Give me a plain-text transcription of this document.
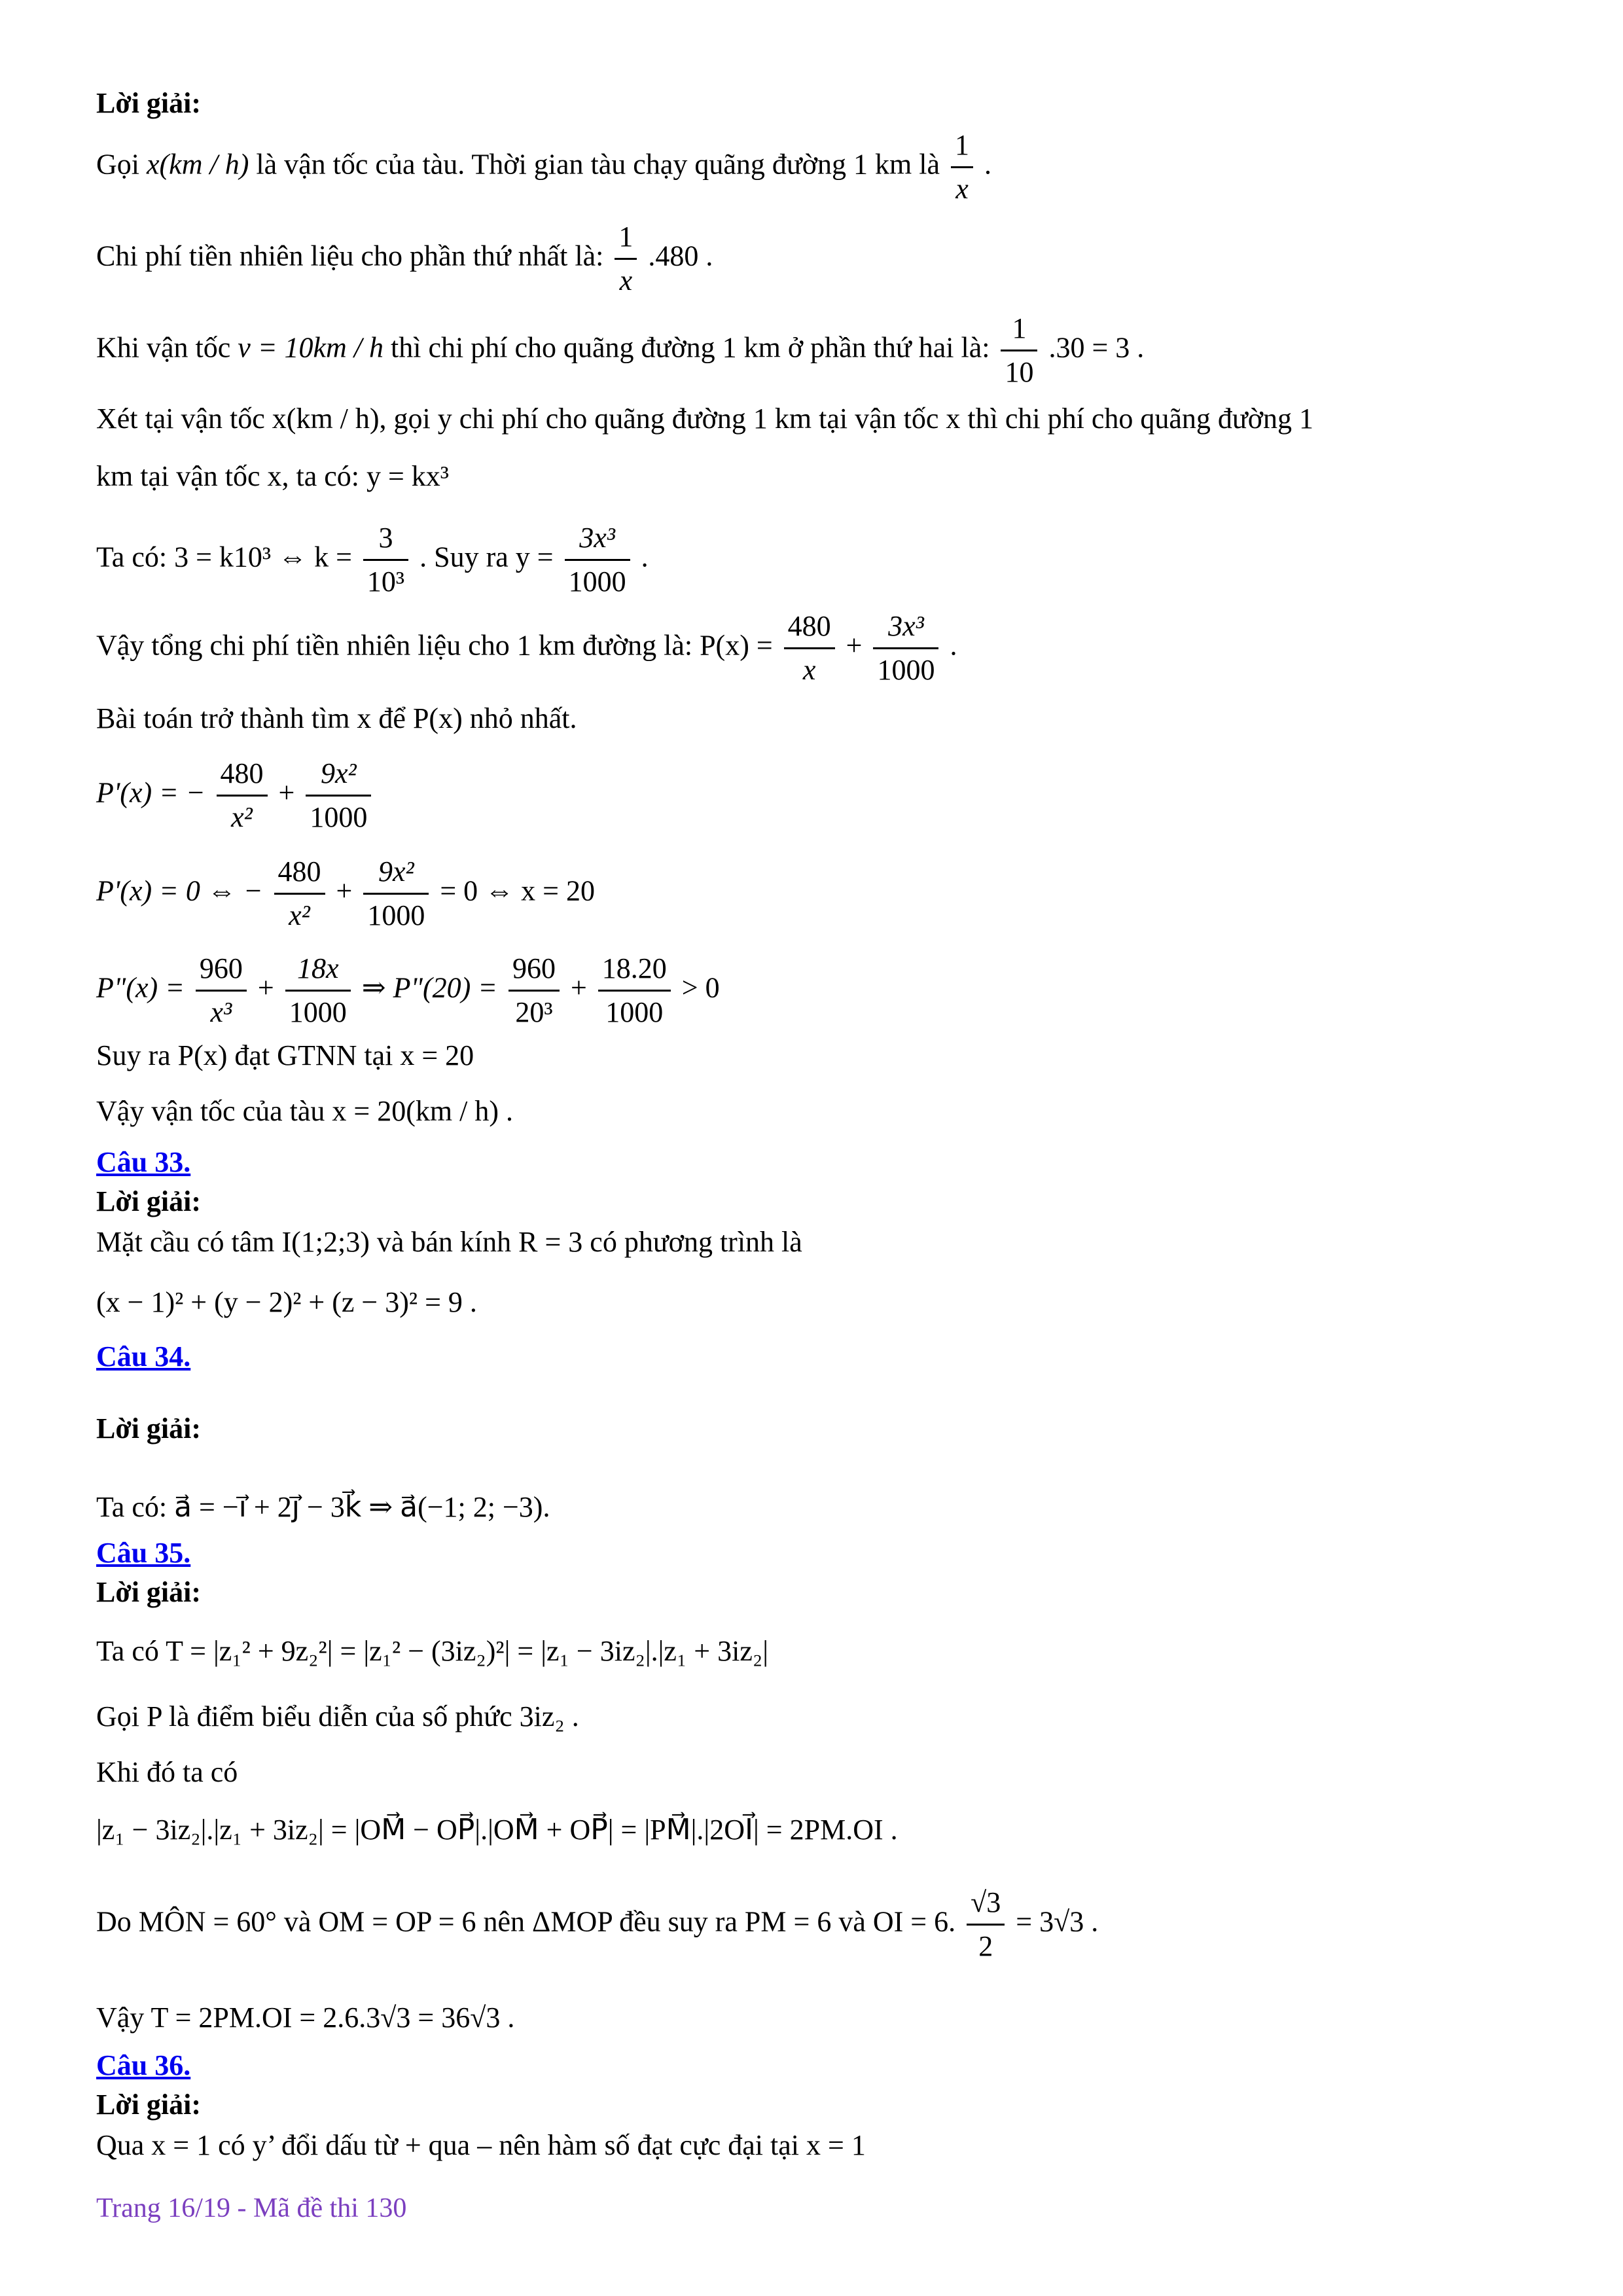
Lời giải:
Gọi x(km / h) là vận tốc của tàu. Thời gian tàu chạy quãng đường 1 km là $\frac{1}{x}$ .
Chi phí tiền nhiên liệu cho phần thứ nhất là: $\frac{1}{x} .480$ .
Khi vận tốc v = 10km / h thì chi phí cho quãng đường 1 km ở phần thứ hai là: $\frac{1}{10} .30 = 3$ .
Xét tại vận tốc x(km / h), gọi y chi phí cho quãng đường 1 km tại vận tốc x thì chi phí cho quãng đường 1
km tại vận tốc x, ta có: y = kx³
Ta có: 3 = k10³ ⇔ $k = \frac{3}{\text{10³}}$ . Suy ra $y = \frac{\text{3x³}}{1000}$ .
Vậy tổng chi phí tiền nhiên liệu cho 1 km đường là: $P(x) = \frac{480}{x} + \frac{\text{3x³}}{1000}$ .
Bài toán trở thành tìm x để P(x) nhỏ nhất.
P'(x) = − $\frac{480}{\text{x²}} + \frac{\text{9x²}}{1000}$
P'(x) = 0 ⇔ − $\frac{480}{\text{x²}} + \frac{\text{9x²}}{1000} = 0$ ⇔ x = 20
P"(x) = $\frac{960}{\text{x³}} + \frac{18x}{1000}$ ⇒ P"(20) = $\frac{960}{\text{20³}} + \frac{18.20}{1000} > 0$
Suy ra P(x) đạt GTNN tại x = 20
Vậy vận tốc của tàu x = 20(km / h) .
Câu 33.
Lời giải:
Mặt cầu có tâm I(1;2;3) và bán kính R = 3 có phương trình là
(x − 1)² + (y − 2)² + (z − 3)² = 9 .
Câu 34.
Lời giải:
Ta có: a⃗ = −i⃗ + 2j⃗ − 3k⃗ ⇒ a⃗(−1; 2; −3).
Câu 35.
Lời giải:
Ta có T = |z₁² + 9z₂²| = |z₁² − (3iz₂)²| = |z₁ − 3iz₂|.|z₁ + 3iz₂|
Gọi P là điểm biểu diễn của số phức 3iz₂ .
Khi đó ta có
|z₁ − 3iz₂|.|z₁ + 3iz₂| = |OM⃗ − OP⃗|.|OM⃗ + OP⃗| = |PM⃗|.|2OI⃗| = 2PM.OI .
Do MÔN = 60° và OM = OP = 6 nên ΔMOP đều suy ra PM = 6 và OI = 6. $\frac{√3}{2} = 3√3$ .
Vậy T = 2PM.OI = 2.6.3√3 = 36√3 .
Câu 36.
Lời giải:
Qua x = 1 có y’ đổi dấu từ + qua – nên hàm số đạt cực đại tại x = 1
Trang 16/19 - Mã đề thi 130
